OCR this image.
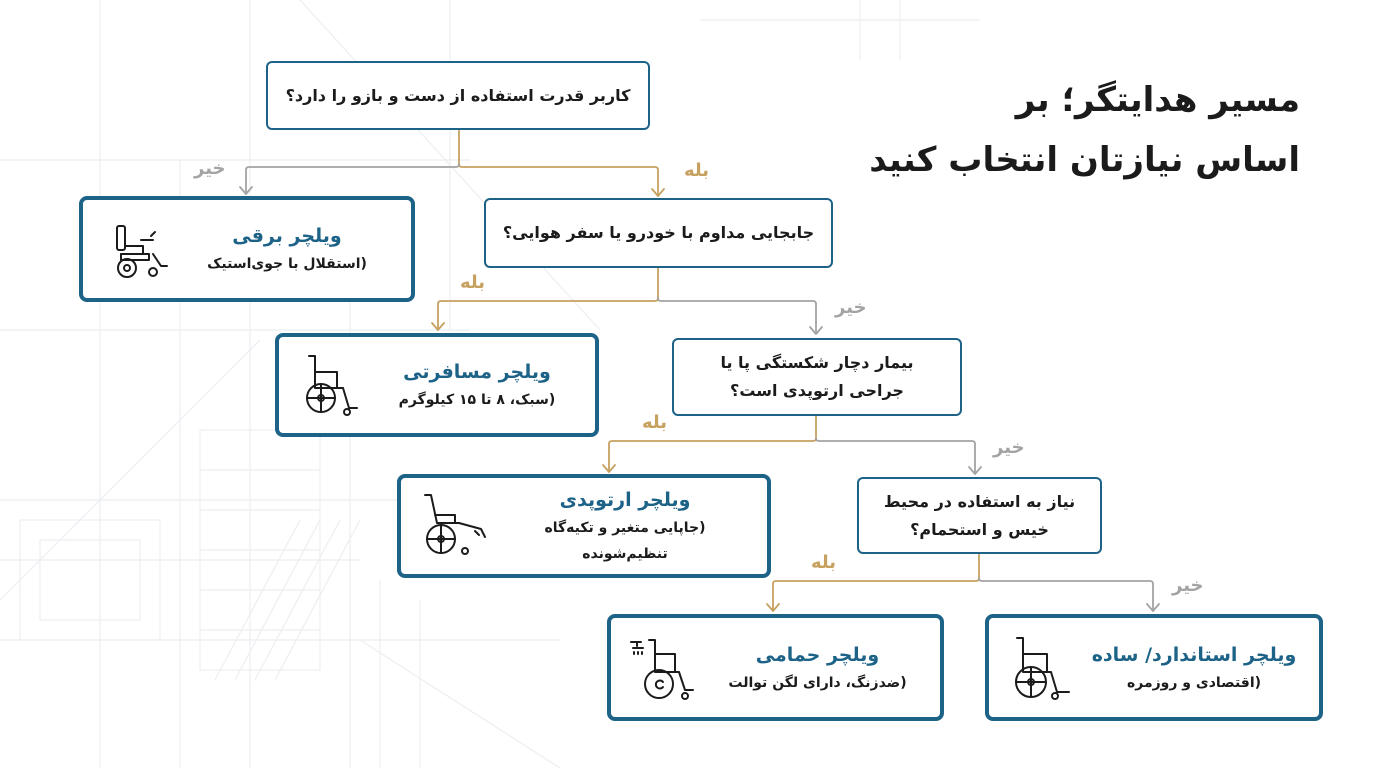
مسیر هدایتگر؛ بر
اساس نیازتان انتخاب کنید
کاربر قدرت استفاده از دست و بازو را دارد؟
جابجایی مداوم با خودرو یا سفر هوایی؟
بیمار دچار شکستگی پا یا
جراحی ارتوپدی است؟
نیاز به استفاده در محیط
خیس و استحمام؟
ویلچر برقی
(استقلال با جوی‌استیک
ویلچر مسافرتی
(سبک، ۸ تا ۱۵ کیلوگرم
ویلچر ارتوپدی
(جاپایی متغیر و تکیه‌گاه تنظیم‌شونده
ویلچر حمامی
(ضدزنگ، دارای لگن توالت
ویلچر استاندارد/ ساده
(اقتصادی و روزمره
بله
خیر
بله
خیر
بله
خیر
بله
خیر
